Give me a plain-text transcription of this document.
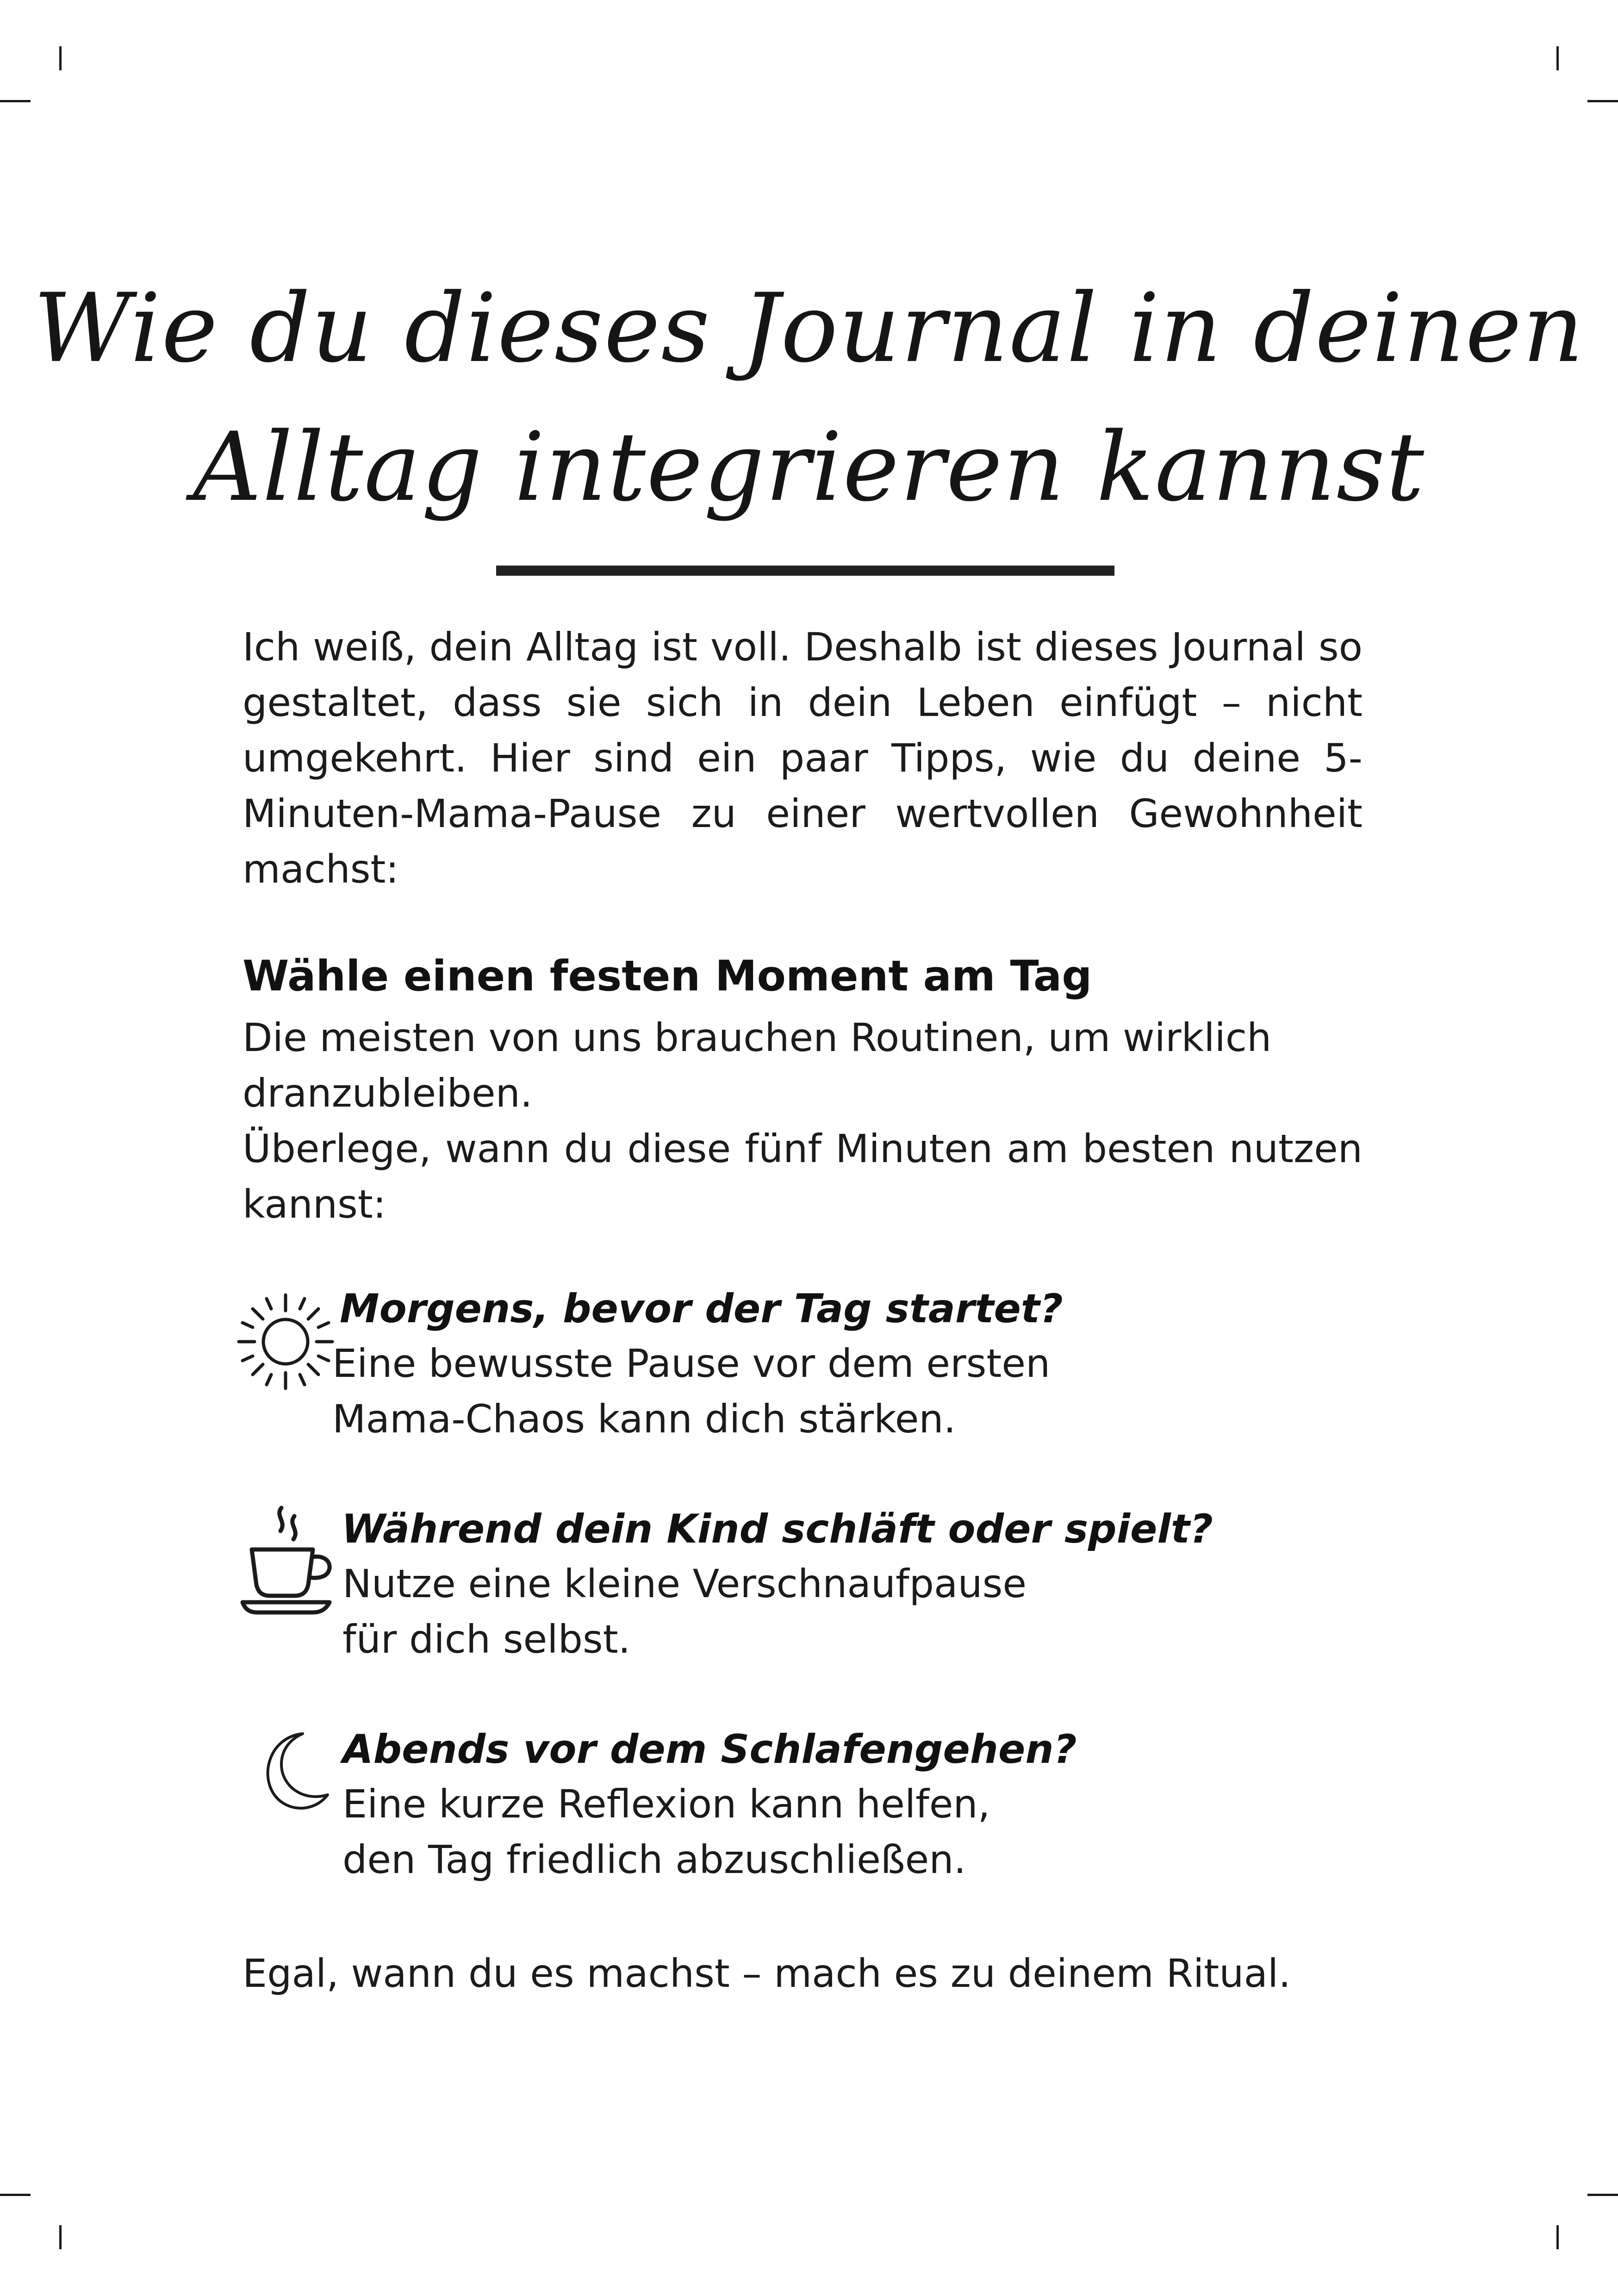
Wie du dieses Journal in deinen
Alltag integrieren kannst
Ich weiß, dein Alltag ist voll. Deshalb ist dieses Journal so gestaltet, dass sie sich in dein Leben einfügt – nicht umgekehrt. Hier sind ein paar Tipps, wie du deine 5-Minuten-Mama-Pause zu einer wertvollen Gewohnheit machst:
Wähle einen festen Moment am Tag
Die meisten von uns brauchen Routinen, um wirklich dranzubleiben.
Überlege, wann du diese fünf Minuten am besten nutzen kannst:
Morgens, bevor der Tag startet?
Eine bewusste Pause vor dem ersten
Mama-Chaos kann dich stärken.
Während dein Kind schläft oder spielt?
Nutze eine kleine Verschnaufpause
für dich selbst.
Abends vor dem Schlafengehen?
Eine kurze Reflexion kann helfen,
den Tag friedlich abzuschließen.
Egal, wann du es machst – mach es zu deinem Ritual.
